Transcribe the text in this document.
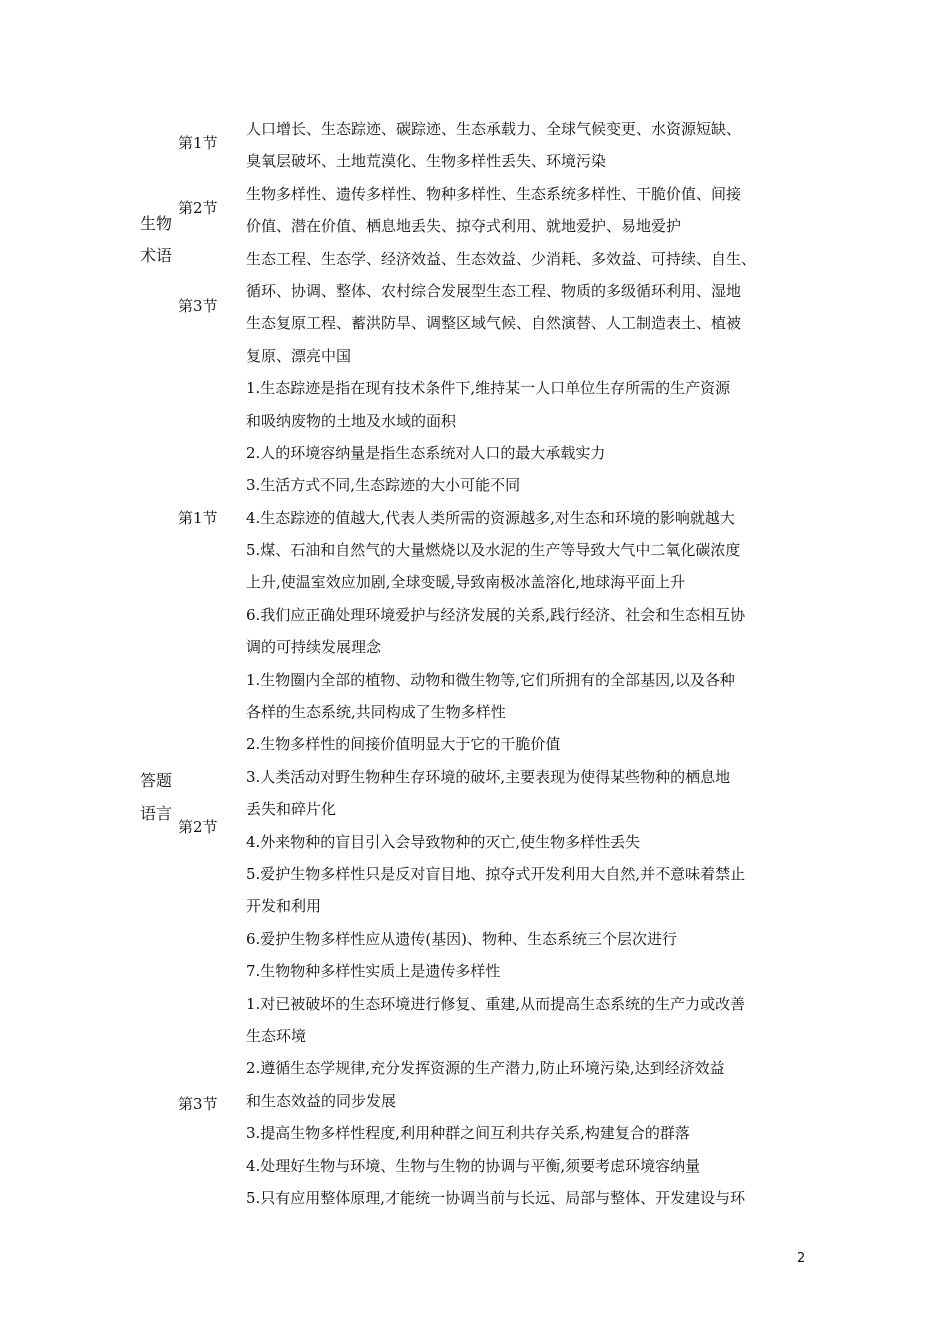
生物
术语
答题
语言
第1节
第2节
第3节
第1节
第2节
第3节
人口增长、生态踪迹、碳踪迹、生态承载力、全球气候变更、水资源短缺、
臭氧层破坏、土地荒漠化、生物多样性丢失、环境污染
生物多样性、遗传多样性、物种多样性、生态系统多样性、干脆价值、间接
价值、潜在价值、栖息地丢失、掠夺式利用、就地爱护、易地爱护
生态工程、生态学、经济效益、生态效益、少消耗、多效益、可持续、自生、
循环、协调、整体、农村综合发展型生态工程、物质的多级循环利用、湿地
生态复原工程、蓄洪防旱、调整区域气候、自然演替、人工制造表土、植被
复原、漂亮中国
1.生态踪迹是指在现有技术条件下,维持某一人口单位生存所需的生产资源
和吸纳废物的土地及水域的面积
2.人的环境容纳量是指生态系统对人口的最大承载实力
3.生活方式不同,生态踪迹的大小可能不同
4.生态踪迹的值越大,代表人类所需的资源越多,对生态和环境的影响就越大
5.煤、石油和自然气的大量燃烧以及水泥的生产等导致大气中二氧化碳浓度
上升,使温室效应加剧,全球变暖,导致南极冰盖溶化,地球海平面上升
6.我们应正确处理环境爱护与经济发展的关系,践行经济、社会和生态相互协
调的可持续发展理念
1.生物圈内全部的植物、动物和微生物等,它们所拥有的全部基因,以及各种
各样的生态系统,共同构成了生物多样性
2.生物多样性的间接价值明显大于它的干脆价值
3.人类活动对野生物种生存环境的破坏,主要表现为使得某些物种的栖息地
丢失和碎片化
4.外来物种的盲目引入会导致物种的灭亡,使生物多样性丢失
5.爱护生物多样性只是反对盲目地、掠夺式开发利用大自然,并不意味着禁止
开发和利用
6.爱护生物多样性应从遗传(基因)、物种、生态系统三个层次进行
7.生物物种多样性实质上是遗传多样性
1.对已被破坏的生态环境进行修复、重建,从而提高生态系统的生产力或改善
生态环境
2.遵循生态学规律,充分发挥资源的生产潜力,防止环境污染,达到经济效益
和生态效益的同步发展
3.提高生物多样性程度,利用种群之间互利共存关系,构建复合的群落
4.处理好生物与环境、生物与生物的协调与平衡,须要考虑环境容纳量
5.只有应用整体原理,才能统一协调当前与长远、局部与整体、开发建设与环
2
